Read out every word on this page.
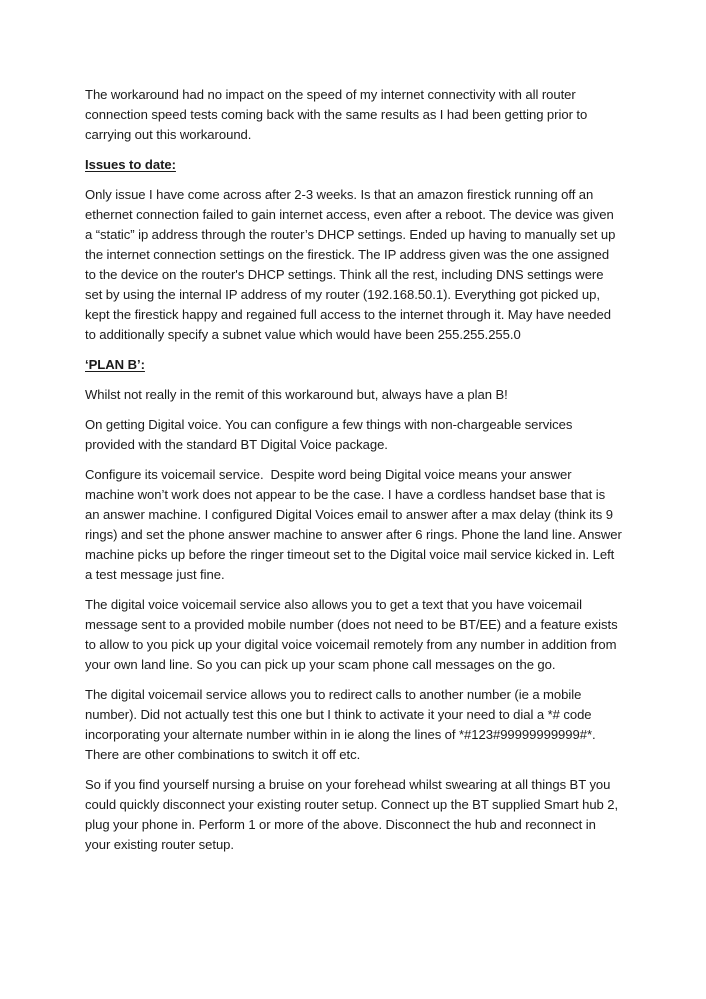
The workaround had no impact on the speed of my internet connectivity with all router connection speed tests coming back with the same results as I had been getting prior to carrying out this workaround.

Issues to date:

Only issue I have come across after 2-3 weeks. Is that an amazon firestick running off an ethernet connection failed to gain internet access, even after a reboot. The device was given a “static” ip address through the router’s DHCP settings. Ended up having to manually set up the internet connection settings on the firestick. The IP address given was the one assigned to the device on the router's DHCP settings. Think all the rest, including DNS settings were set by using the internal IP address of my router (192.168.50.1). Everything got picked up, kept the firestick happy and regained full access to the internet through it. May have needed to additionally specify a subnet value which would have been 255.255.255.0

‘PLAN B’:

Whilst not really in the remit of this workaround but, always have a plan B!

On getting Digital voice. You can configure a few things with non-chargeable services provided with the standard BT Digital Voice package.

Configure its voicemail service.  Despite word being Digital voice means your answer machine won’t work does not appear to be the case. I have a cordless handset base that is an answer machine. I configured Digital Voices email to answer after a max delay (think its 9 rings) and set the phone answer machine to answer after 6 rings. Phone the land line. Answer machine picks up before the ringer timeout set to the Digital voice mail service kicked in. Left a test message just fine.

The digital voice voicemail service also allows you to get a text that you have voicemail message sent to a provided mobile number (does not need to be BT/EE) and a feature exists to allow to you pick up your digital voice voicemail remotely from any number in addition from your own land line. So you can pick up your scam phone call messages on the go.

The digital voicemail service allows you to redirect calls to another number (ie a mobile number). Did not actually test this one but I think to activate it your need to dial a *# code incorporating your alternate number within in ie along the lines of *#123#99999999999#*. There are other combinations to switch it off etc.

So if you find yourself nursing a bruise on your forehead whilst swearing at all things BT you could quickly disconnect your existing router setup. Connect up the BT supplied Smart hub 2, plug your phone in. Perform 1 or more of the above. Disconnect the hub and reconnect in your existing router setup.
